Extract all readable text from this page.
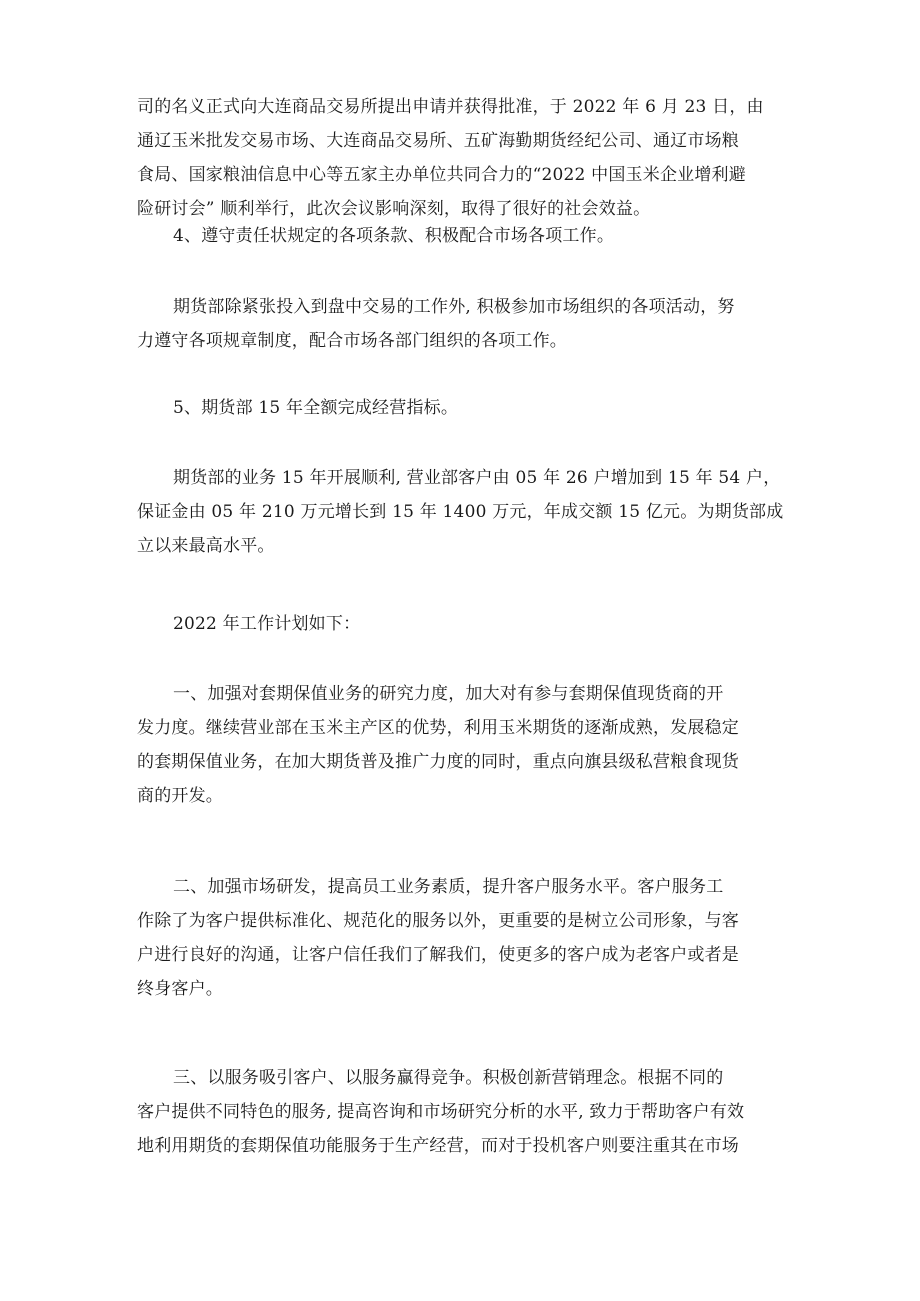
司的名义正式向大连商品交易所提出申请并获得批准，于 2022 年 6 月 23 日，由
通辽玉米批发交易市场、大连商品交易所、五矿海勤期货经纪公司、通辽市场粮
食局、国家粮油信息中心等五家主办单位共同合力的“2022 中国玉米企业增利避
险研讨会” 顺利举行，此次会议影响深刻，取得了很好的社会效益。

4、遵守责任状规定的各项条款、积极配合市场各项工作。

期货部除紧张投入到盘中交易的工作外, 积极参加市场组织的各项活动，努
力遵守各项规章制度，配合市场各部门组织的各项工作。

5、期货部 15 年全额完成经营指标。

期货部的业务 15 年开展顺利, 营业部客户由 05 年 26 户增加到 15 年 54 户，
保证金由 05 年 210 万元增长到 15 年 1400 万元，年成交额 15 亿元。为期货部成
立以来最高水平。

2022 年工作计划如下：

一、加强对套期保值业务的研究力度，加大对有参与套期保值现货商的开
发力度。继续营业部在玉米主产区的优势，利用玉米期货的逐渐成熟，发展稳定
的套期保值业务，在加大期货普及推广力度的同时，重点向旗县级私营粮食现货
商的开发。

二、加强市场研发，提高员工业务素质，提升客户服务水平。客户服务工
作除了为客户提供标准化、规范化的服务以外，更重要的是树立公司形象，与客
户进行良好的沟通，让客户信任我们了解我们，使更多的客户成为老客户或者是
终身客户。

三、以服务吸引客户、以服务赢得竞争。积极创新营销理念。根据不同的
客户提供不同特色的服务, 提高咨询和市场研究分析的水平, 致力于帮助客户有效
地利用期货的套期保值功能服务于生产经营，而对于投机客户则要注重其在市场
